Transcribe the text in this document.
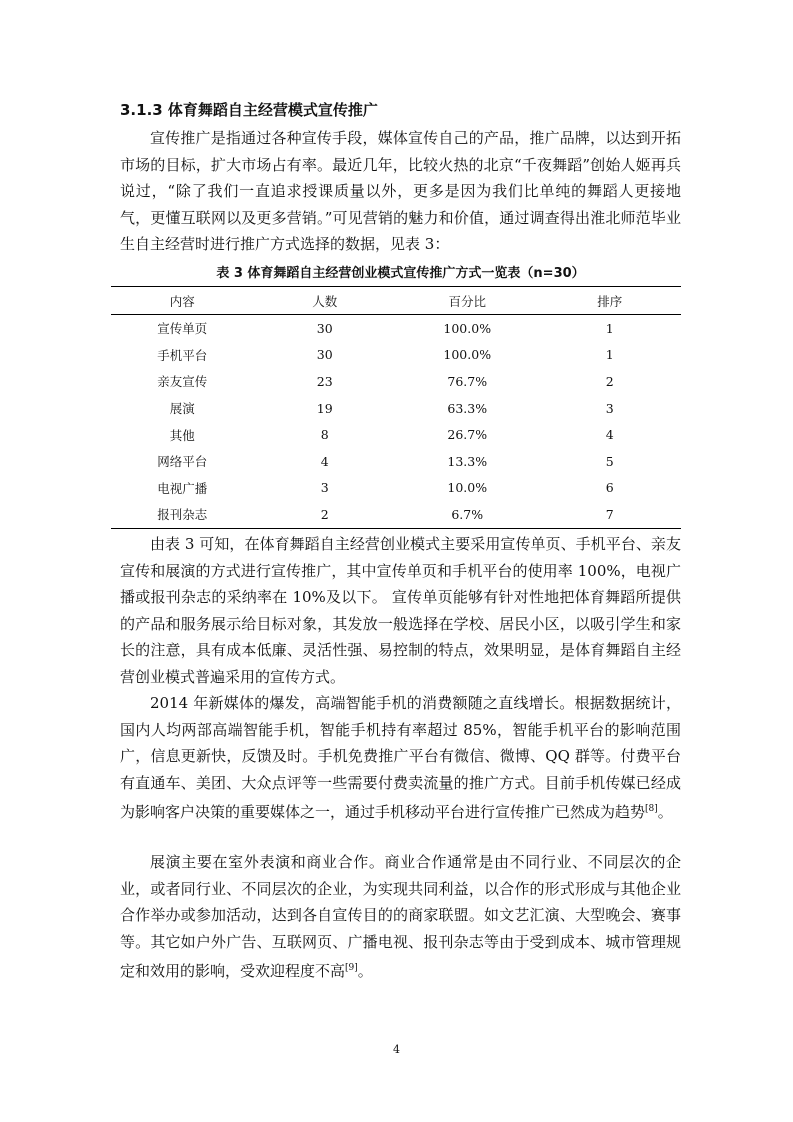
3.1.3 体育舞蹈自主经营模式宣传推广

宣传推广是指通过各种宣传手段，媒体宣传自己的产品，推广品牌，以达到开拓市场的目标，扩大市场占有率。最近几年，比较火热的北京“千夜舞蹈”创始人姬再兵说过，“除了我们一直追求授课质量以外，更多是因为我们比单纯的舞蹈人更接地气，更懂互联网以及更多营销。”可见营销的魅力和价值，通过调查得出淮北师范毕业生自主经营时进行推广方式选择的数据，见表 3：

表 3 体育舞蹈自主经营创业模式宣传推广方式一览表（n=30）
内容	人数	百分比	排序
宣传单页	30	100.0%	1
手机平台	30	100.0%	1
亲友宣传	23	76.7%	2
展演	19	63.3%	3
其他	8	26.7%	4
网络平台	4	13.3%	5
电视广播	3	10.0%	6
报刊杂志	2	6.7%	7

由表 3 可知，在体育舞蹈自主经营创业模式主要采用宣传单页、手机平台、亲友宣传和展演的方式进行宣传推广，其中宣传单页和手机平台的使用率 100%，电视广播或报刊杂志的采纳率在 10%及以下。 宣传单页能够有针对性地把体育舞蹈所提供的产品和服务展示给目标对象，其发放一般选择在学校、居民小区，以吸引学生和家长的注意，具有成本低廉、灵活性强、易控制的特点，效果明显，是体育舞蹈自主经营创业模式普遍采用的宣传方式。

2014 年新媒体的爆发，高端智能手机的消费额随之直线增长。根据数据统计，国内人均两部高端智能手机，智能手机持有率超过 85%，智能手机平台的影响范围广，信息更新快，反馈及时。手机免费推广平台有微信、微博、QQ 群等。付费平台有直通车、美团、大众点评等一些需要付费卖流量的推广方式。目前手机传媒已经成为影响客户决策的重要媒体之一，通过手机移动平台进行宣传推广已然成为趋势[8]。

展演主要在室外表演和商业合作。商业合作通常是由不同行业、不同层次的企业，或者同行业、不同层次的企业，为实现共同利益，以合作的形式形成与其他企业合作举办或参加活动，达到各自宣传目的的商家联盟。如文艺汇演、大型晚会、赛事等。其它如户外广告、互联网页、广播电视、报刊杂志等由于受到成本、城市管理规定和效用的影响，受欢迎程度不高[9]。

4
